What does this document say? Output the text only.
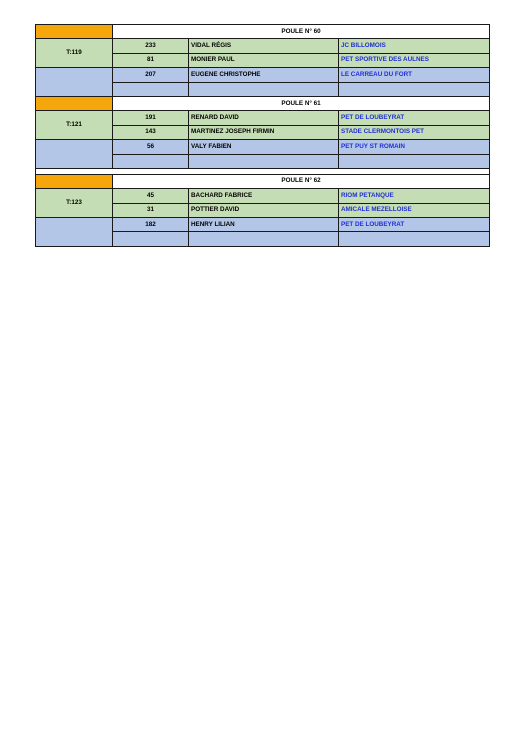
	POULE N° 60		
T:119	233	VIDAL RÉGIS	JC BILLOMOIS
	81	MONIER PAUL	PET SPORTIVE DES AULNES
	207	EUGENE CHRISTOPHE	LE CARREAU DU FORT

	POULE N° 61		
T:121	191	RENARD DAVID	PET DE LOUBEYRAT
	143	MARTINEZ JOSEPH FIRMIN	STADE CLERMONTOIS PET
	56	VALY FABIEN	PET PUY ST ROMAIN

	POULE N° 62		
T:123	45	BACHARD FABRICE	RIOM PETANQUE
	31	POTTIER DAVID	AMICALE MEZELLOISE
	182	HENRY LILIAN	PET DE LOUBEYRAT
